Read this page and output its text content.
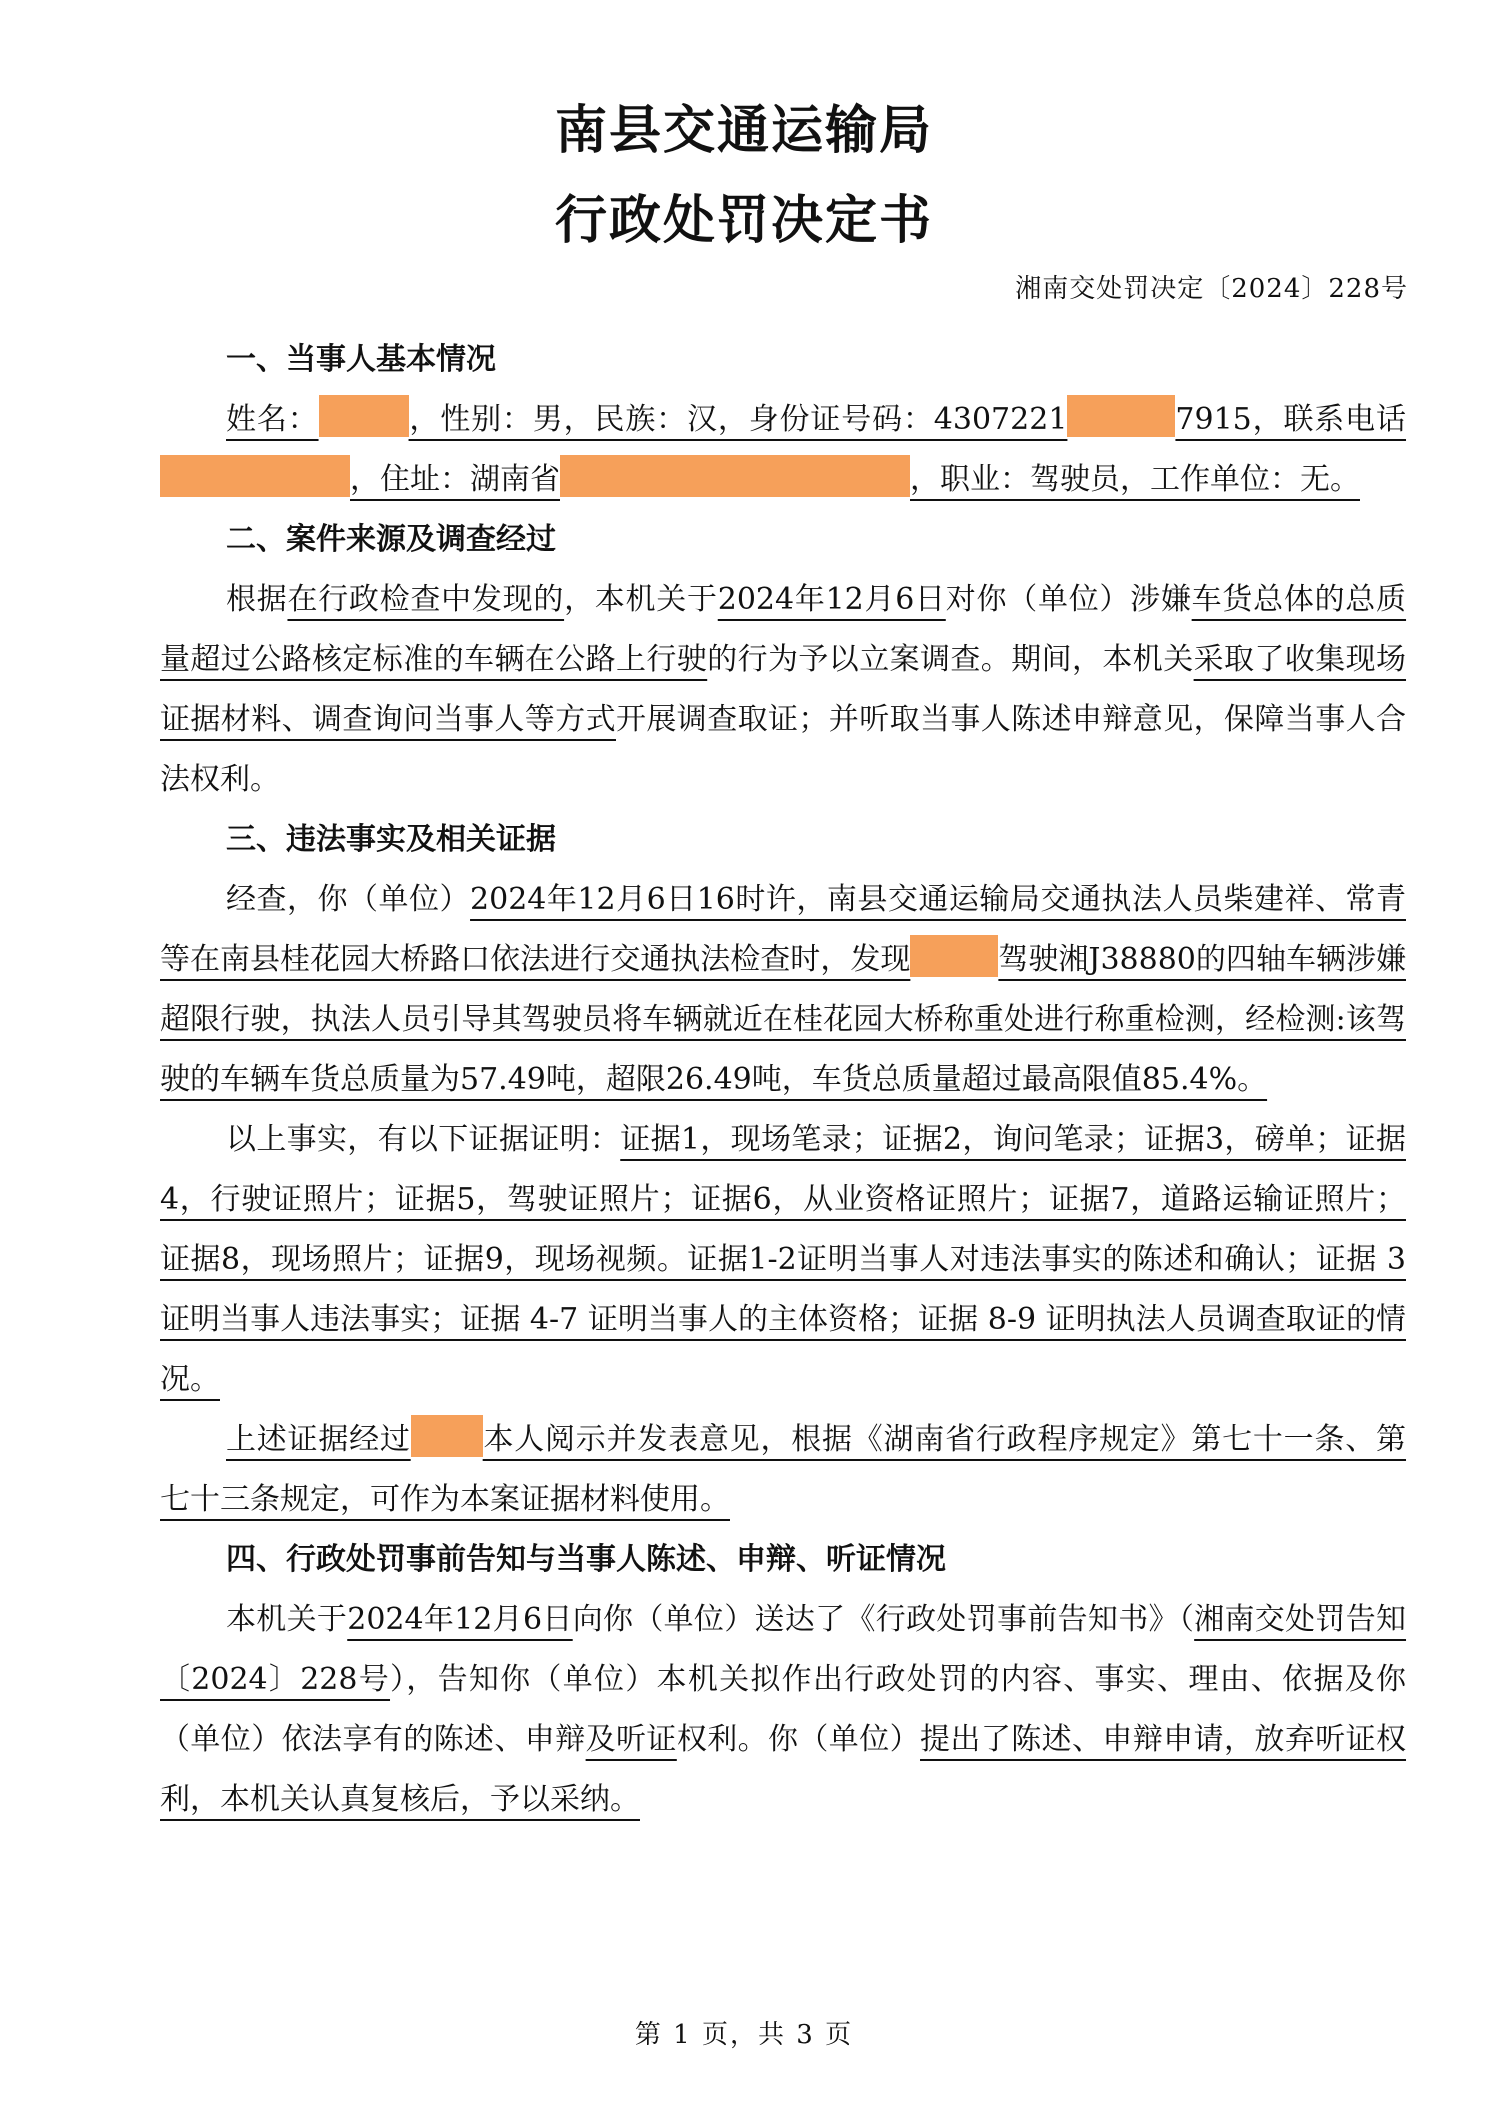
南县交通运输局
行政处罚决定书
湘南交处罚决定〔2024〕228号
一、当事人基本情况

姓名：	，性别：男，民族：汉，身份证号码：4307221	7915，联系电话，住址：湖南省	，职业：驾驶员，工作单位：无。

二、案件来源及调查经过

根据在行政检查中发现的，本机关于2024年12月6日对你（单位）涉嫌车货总体的总质量超过公路核定标准的车辆在公路上行驶的行为予以立案调查。期间，本机关采取了收集现场证据材料、调查询问当事人等方式开展调查取证；并听取当事人陈述申辩意见，保障当事人合法权利。

三、违法事实及相关证据

经查，你（单位）2024年12月6日16时许，南县交通运输局交通执法人员柴建祥、常青等在南县桂花园大桥路口依法进行交通执法检查时，发现	驾驶湘J38880的四轴车辆涉嫌超限行驶，执法人员引导其驾驶员将车辆就近在桂花园大桥称重处进行称重检测，经检测:该驾驶的车辆车货总质量为57.49吨，超限26.49吨，车货总质量超过最高限值85.4%。

以上事实，有以下证据证明：证据1，现场笔录；证据2，询问笔录；证据3，磅单；证据4，行驶证照片；证据5，驾驶证照片；证据6，从业资格证照片；证据7，道路运输证照片；证据8，现场照片；证据9，现场视频。证据1-2证明当事人对违法事实的陈述和确认；证据 3 证明当事人违法事实；证据 4-7 证明当事人的主体资格；证据 8-9 证明执法人员调查取证的情况。

上述证据经过 本人阅示并发表意见，根据《湖南省行政程序规定》第七十一条、第七十三条规定，可作为本案证据材料使用。

四、行政处罚事前告知与当事人陈述、申辩、听证情况

本机关于2024年12月6日向你（单位）送达了《行政处罚事前告知书》（湘南交处罚告知〔2024〕228号），告知你（单位）本机关拟作出行政处罚的内容、事实、理由、依据及你（单位）依法享有的陈述、申辩及听证权利。你（单位）提出了陈述、申辩申请，放弃听证权利，本机关认真复核后，予以采纳。

第 1 页，共 3 页
